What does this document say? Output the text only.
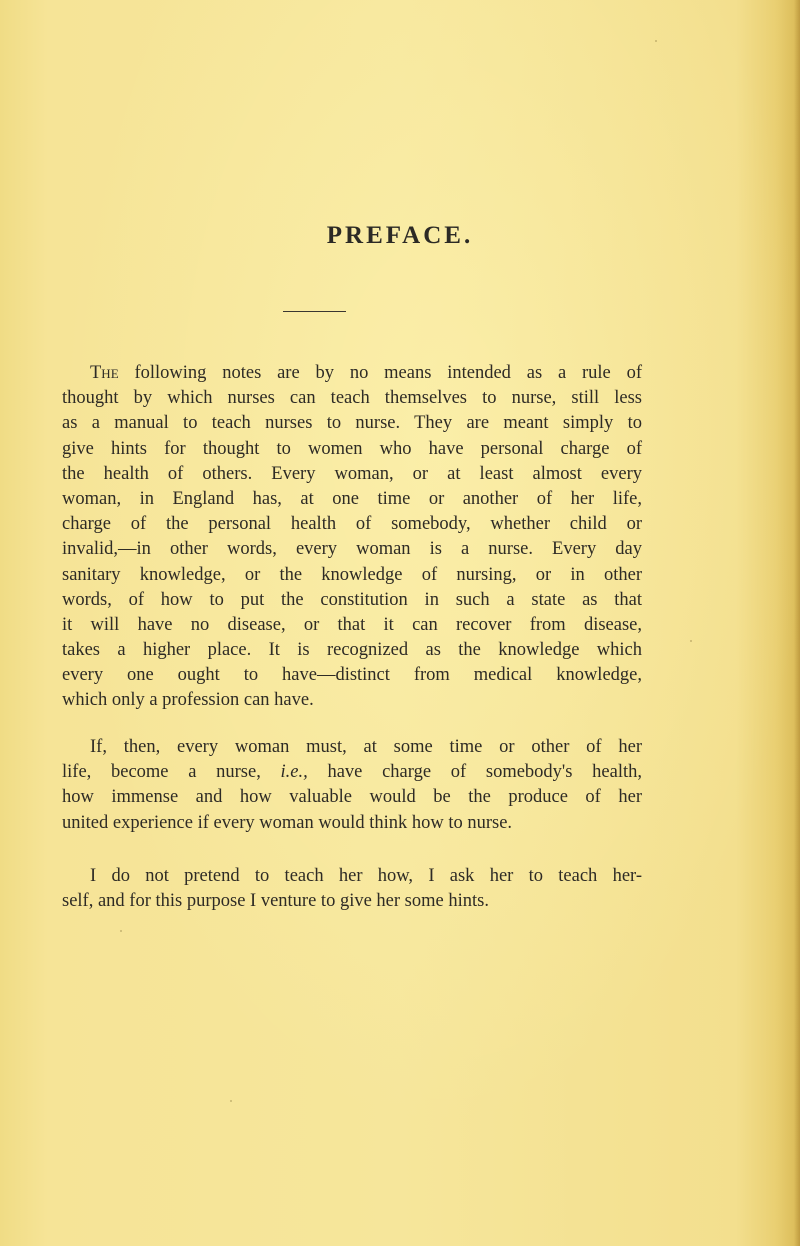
PREFACE.
The following notes are by no means intended as a rule of
thought by which nurses can teach themselves to nurse, still less
as a manual to teach nurses to nurse. They are meant simply to
give hints for thought to women who have personal charge of
the health of others. Every woman, or at least almost every
woman, in England has, at one time or another of her life,
charge of the personal health of somebody, whether child or
invalid,—in other words, every woman is a nurse. Every day
sanitary knowledge, or the knowledge of nursing, or in other
words, of how to put the constitution in such a state as that
it will have no disease, or that it can recover from disease,
takes a higher place. It is recognized as the knowledge which
every one ought to have—distinct from medical knowledge,
which only a profession can have.
If, then, every woman must, at some time or other of her
life, become a nurse, i.e., have charge of somebody's health,
how immense and how valuable would be the produce of her
united experience if every woman would think how to nurse.
I do not pretend to teach her how, I ask her to teach her-
self, and for this purpose I venture to give her some hints.
